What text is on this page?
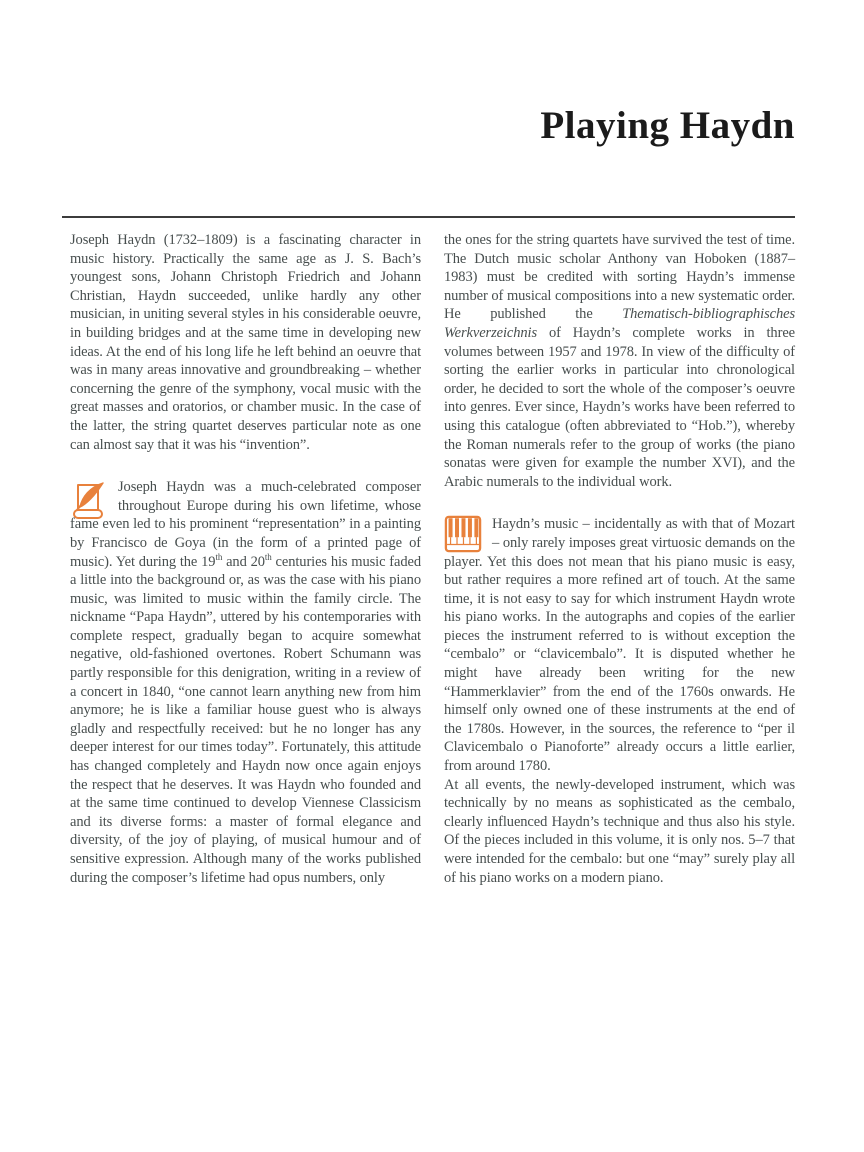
Playing Haydn

Joseph Haydn (1732–1809) is a fascinating character in music history. Practically the same age as J. S. Bach’s youngest sons, Johann Christoph Friedrich and Johann Christian, Haydn succeeded, unlike hardly any other musician, in uniting several styles in his considerable oeuvre, in building bridges and at the same time in developing new ideas. At the end of his long life he left behind an oeuvre that was in many areas innovative and groundbreaking – whether concerning the genre of the symphony, vocal music with the great masses and oratorios, or chamber music. In the case of the latter, the string quartet deserves particular note as one can almost say that it was his “invention”.

Joseph Haydn was a much-celebrated composer throughout Europe during his own lifetime, whose fame even led to his prominent “representation” in a painting by Francisco de Goya (in the form of a printed page of music). Yet during the 19th and 20th centuries his music faded a little into the background or, as was the case with his piano music, was limited to music within the family circle. The nickname “Papa Haydn”, uttered by his contemporaries with complete respect, gradually began to acquire somewhat negative, old-fashioned overtones. Robert Schumann was partly responsible for this denigration, writing in a review of a concert in 1840, “one cannot learn anything new from him anymore; he is like a familiar house guest who is always gladly and respectfully received: but he no longer has any deeper interest for our times today”. Fortunately, this attitude has changed completely and Haydn now once again enjoys the respect that he deserves. It was Haydn who founded and at the same time continued to develop Viennese Classicism and its diverse forms: a master of formal elegance and diversity, of the joy of playing, of musical humour and of sensitive expression. Although many of the works published during the composer’s lifetime had opus numbers, only

the ones for the string quartets have survived the test of time. The Dutch music scholar Anthony van Hoboken (1887–1983) must be credited with sorting Haydn’s immense number of musical compositions into a new systematic order. He published the Thematisch-bibliographisches Werkverzeichnis of Haydn’s complete works in three volumes between 1957 and 1978. In view of the difficulty of sorting the earlier works in particular into chronological order, he decided to sort the whole of the composer’s oeuvre into genres. Ever since, Haydn’s works have been referred to using this catalogue (often abbreviated to “Hob.”), whereby the Roman numerals refer to the group of works (the piano sonatas were given for example the number XVI), and the Arabic numerals to the individual work.

Haydn’s music – incidentally as with that of Mozart – only rarely imposes great virtuosic demands on the player. Yet this does not mean that his piano music is easy, but rather requires a more refined art of touch. At the same time, it is not easy to say for which instrument Haydn wrote his piano works. In the autographs and copies of the earlier pieces the instrument referred to is without exception the “cembalo” or “clavicembalo”. It is disputed whether he might have already been writing for the new “Hammerklavier” from the end of the 1760s onwards. He himself only owned one of these instruments at the end of the 1780s. However, in the sources, the reference to “per il Clavicembalo o Pianoforte” already occurs a little earlier, from around 1780.

At all events, the newly-developed instrument, which was technically by no means as sophisticated as the cembalo, clearly influenced Haydn’s technique and thus also his style. Of the pieces included in this volume, it is only nos. 5–7 that were intended for the cembalo: but one “may” surely play all of his piano works on a modern piano.
